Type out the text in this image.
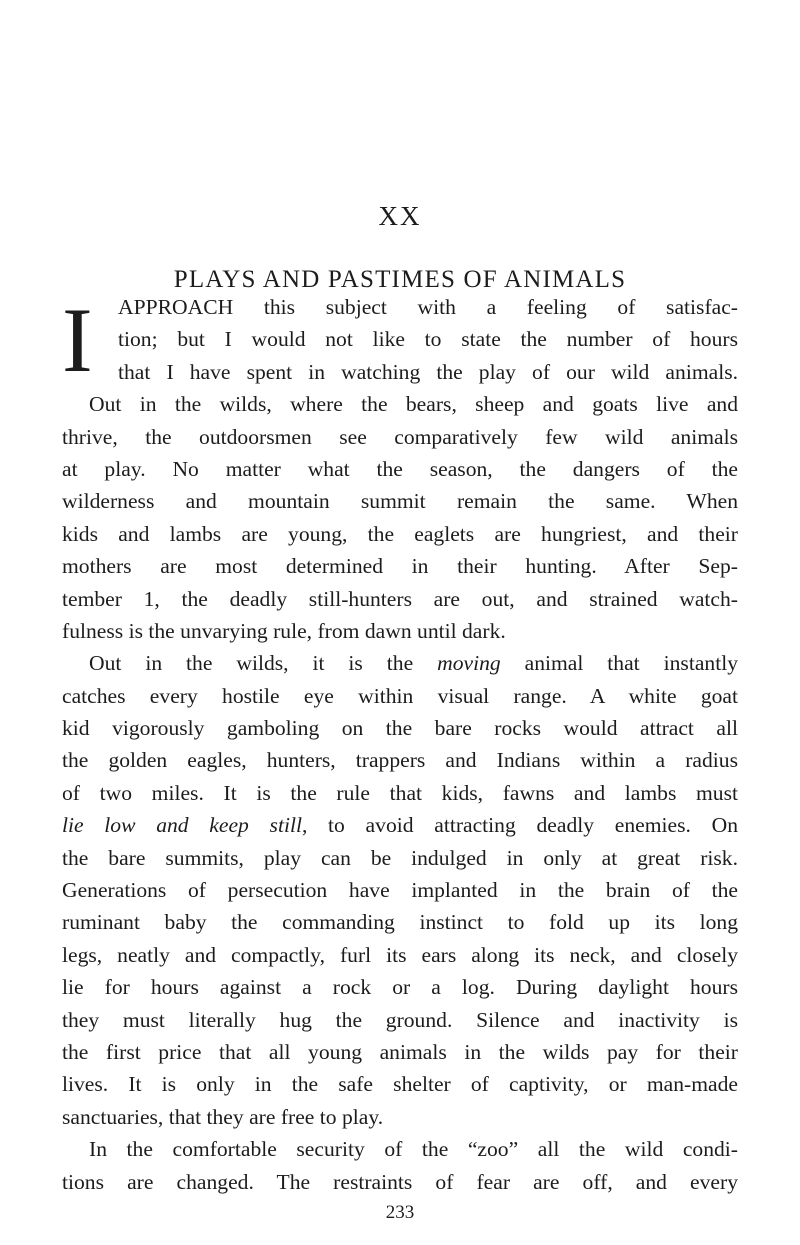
XX
PLAYS AND PASTIMES OF ANIMALS
I	APPROACH this subject with a feeling of satisfac-
tion; but I would not like to state the number of hours
that I have spent in watching the play of our wild animals.
Out in the wilds, where the bears, sheep and goats live and
thrive, the outdoorsmen see comparatively few wild animals
at play. No matter what the season, the dangers of the
wilderness and mountain summit remain the same. When
kids and lambs are young, the eaglets are hungriest, and their
mothers are most determined in their hunting. After Sep-
tember 1, the deadly still-hunters are out, and strained watch-
fulness is the unvarying rule, from dawn until dark.
Out in the wilds, it is the moving animal that instantly
catches every hostile eye within visual range. A white goat
kid vigorously gamboling on the bare rocks would attract all
the golden eagles, hunters, trappers and Indians within a radius
of two miles. It is the rule that kids, fawns and lambs must
lie low and keep still, to avoid attracting deadly enemies. On
the bare summits, play can be indulged in only at great risk.
Generations of persecution have implanted in the brain of the
ruminant baby the commanding instinct to fold up its long
legs, neatly and compactly, furl its ears along its neck, and closely
lie for hours against a rock or a log. During daylight hours
they must literally hug the ground. Silence and inactivity is
the first price that all young animals in the wilds pay for their
lives. It is only in the safe shelter of captivity, or man-made
sanctuaries, that they are free to play.
In the comfortable security of the “zoo” all the wild condi-
tions are changed. The restraints of fear are off, and every
233
